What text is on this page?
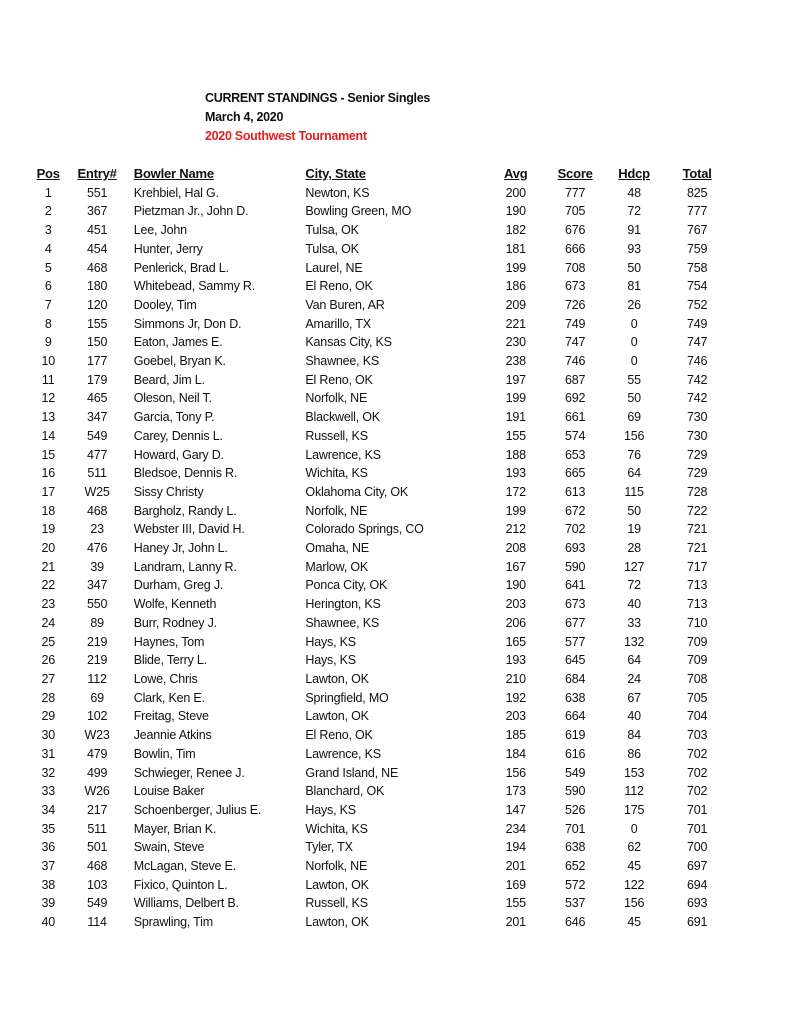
CURRENT STANDINGS - Senior Singles
March 4, 2020
2020 Southwest Tournament
Pos	Entry#	Bowler Name	City, State	Avg	Score	Hdcp	Total
1	551	Krehbiel, Hal G.	Newton, KS	200	777	48	825
2	367	Pietzman Jr., John D.	Bowling Green, MO	190	705	72	777
3	451	Lee, John	Tulsa, OK	182	676	91	767
4	454	Hunter, Jerry	Tulsa, OK	181	666	93	759
5	468	Penlerick, Brad L.	Laurel, NE	199	708	50	758
6	180	Whitebead, Sammy R.	El Reno, OK	186	673	81	754
7	120	Dooley, Tim	Van Buren, AR	209	726	26	752
8	155	Simmons Jr, Don D.	Amarillo, TX	221	749	0	749
9	150	Eaton, James E.	Kansas City, KS	230	747	0	747
10	177	Goebel, Bryan K.	Shawnee, KS	238	746	0	746
11	179	Beard, Jim L.	El Reno, OK	197	687	55	742
12	465	Oleson, Neil T.	Norfolk, NE	199	692	50	742
13	347	Garcia, Tony P.	Blackwell, OK	191	661	69	730
14	549	Carey, Dennis L.	Russell, KS	155	574	156	730
15	477	Howard, Gary D.	Lawrence, KS	188	653	76	729
16	511	Bledsoe, Dennis R.	Wichita, KS	193	665	64	729
17	W25	Sissy Christy	Oklahoma City, OK	172	613	115	728
18	468	Bargholz, Randy L.	Norfolk, NE	199	672	50	722
19	23	Webster III, David H.	Colorado Springs, CO	212	702	19	721
20	476	Haney Jr, John L.	Omaha, NE	208	693	28	721
21	39	Landram, Lanny R.	Marlow, OK	167	590	127	717
22	347	Durham, Greg J.	Ponca City, OK	190	641	72	713
23	550	Wolfe, Kenneth	Herington, KS	203	673	40	713
24	89	Burr, Rodney J.	Shawnee, KS	206	677	33	710
25	219	Haynes, Tom	Hays, KS	165	577	132	709
26	219	Blide, Terry L.	Hays, KS	193	645	64	709
27	112	Lowe, Chris	Lawton, OK	210	684	24	708
28	69	Clark, Ken E.	Springfield, MO	192	638	67	705
29	102	Freitag, Steve	Lawton, OK	203	664	40	704
30	W23	Jeannie Atkins	El Reno, OK	185	619	84	703
31	479	Bowlin, Tim	Lawrence, KS	184	616	86	702
32	499	Schwieger, Renee J.	Grand Island, NE	156	549	153	702
33	W26	Louise Baker	Blanchard, OK	173	590	112	702
34	217	Schoenberger, Julius E.	Hays, KS	147	526	175	701
35	511	Mayer, Brian K.	Wichita, KS	234	701	0	701
36	501	Swain, Steve	Tyler, TX	194	638	62	700
37	468	McLagan, Steve E.	Norfolk, NE	201	652	45	697
38	103	Fixico, Quinton L.	Lawton, OK	169	572	122	694
39	549	Williams, Delbert B.	Russell, KS	155	537	156	693
40	114	Sprawling, Tim	Lawton, OK	201	646	45	691
